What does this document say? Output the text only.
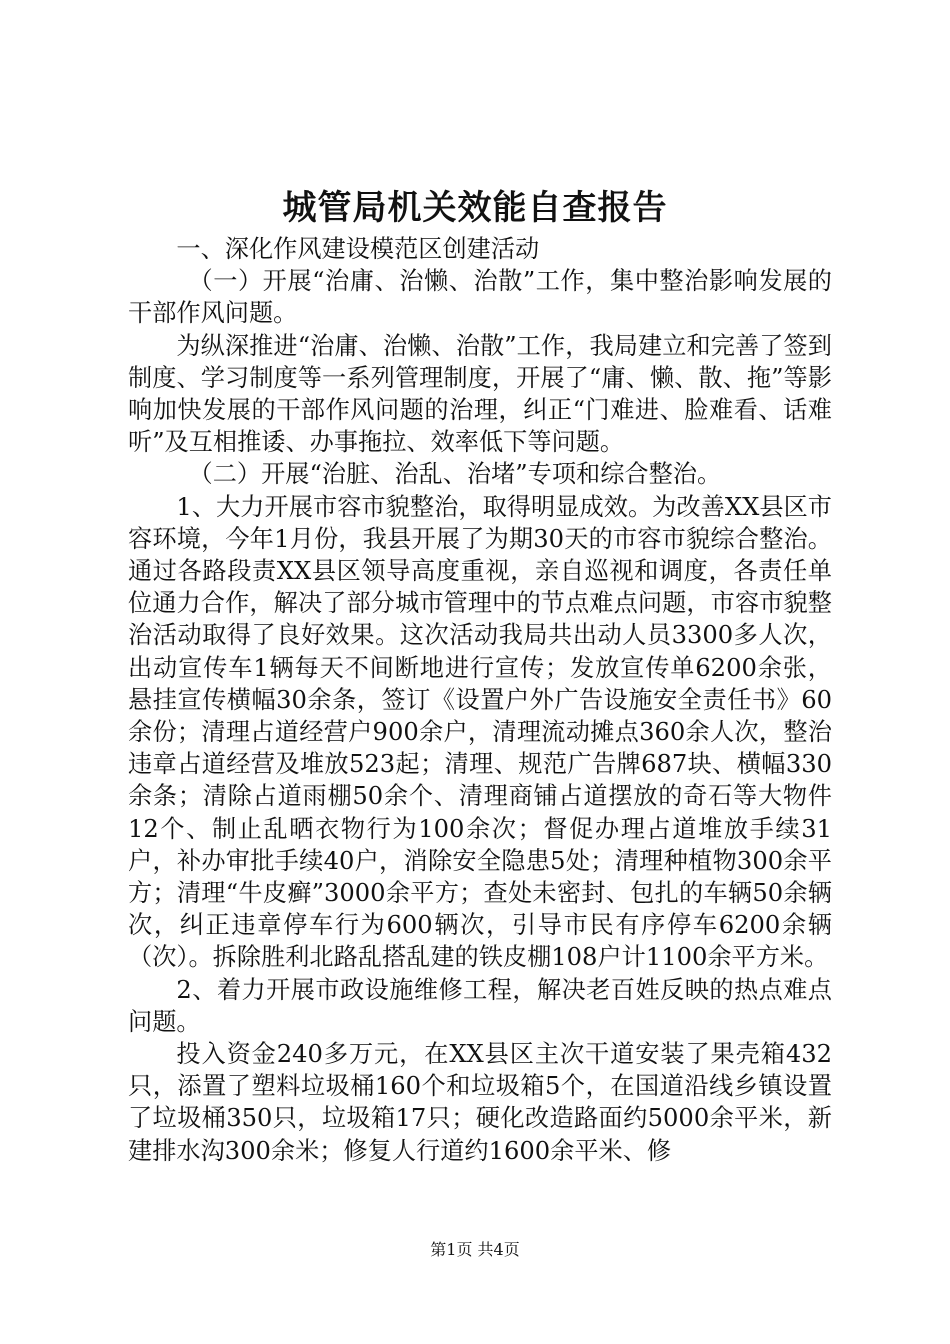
城管局机关效能自查报告

一、深化作风建设模范区创建活动

（一）开展“治庸、治懒、治散”工作，集中整治影响发展的干部作风问题。

为纵深推进“治庸、治懒、治散”工作，我局建立和完善了签到制度、学习制度等一系列管理制度，开展了“庸、懒、散、拖”等影响加快发展的干部作风问题的治理，纠正“门难进、脸难看、话难听”及互相推诿、办事拖拉、效率低下等问题。

（二）开展“治脏、治乱、治堵”专项和综合整治。

1、大力开展市容市貌整治，取得明显成效。为改善XX县区市容环境，今年1月份，我县开展了为期30天的市容市貌综合整治。通过各路段责XX县区领导高度重视，亲自巡视和调度，各责任单位通力合作，解决了部分城市管理中的节点难点问题，市容市貌整治活动取得了良好效果。这次活动我局共出动人员3300多人次，出动宣传车1辆每天不间断地进行宣传；发放宣传单6200余张，悬挂宣传横幅30余条，签订《设置户外广告设施安全责任书》60余份；清理占道经营户900余户，清理流动摊点360余人次，整治违章占道经营及堆放523起；清理、规范广告牌687块、横幅330余条；清除占道雨棚50余个、清理商铺占道摆放的奇石等大物件12个、制止乱晒衣物行为100余次；督促办理占道堆放手续31户，补办审批手续40户，消除安全隐患5处；清理种植物300余平方；清理“牛皮癣”3000余平方；查处未密封、包扎的车辆50余辆次，纠正违章停车行为600辆次，引导市民有序停车6200余辆（次）。拆除胜利北路乱搭乱建的铁皮棚108户计1100余平方米。

2、着力开展市政设施维修工程，解决老百姓反映的热点难点问题。

投入资金240多万元，在XX县区主次干道安装了果壳箱432只，添置了塑料垃圾桶160个和垃圾箱5个，在国道沿线乡镇设置了垃圾桶350只，垃圾箱17只；硬化改造路面约5000余平米，新建排水沟300余米；修复人行道约1600余平米、修

第1页 共4页
